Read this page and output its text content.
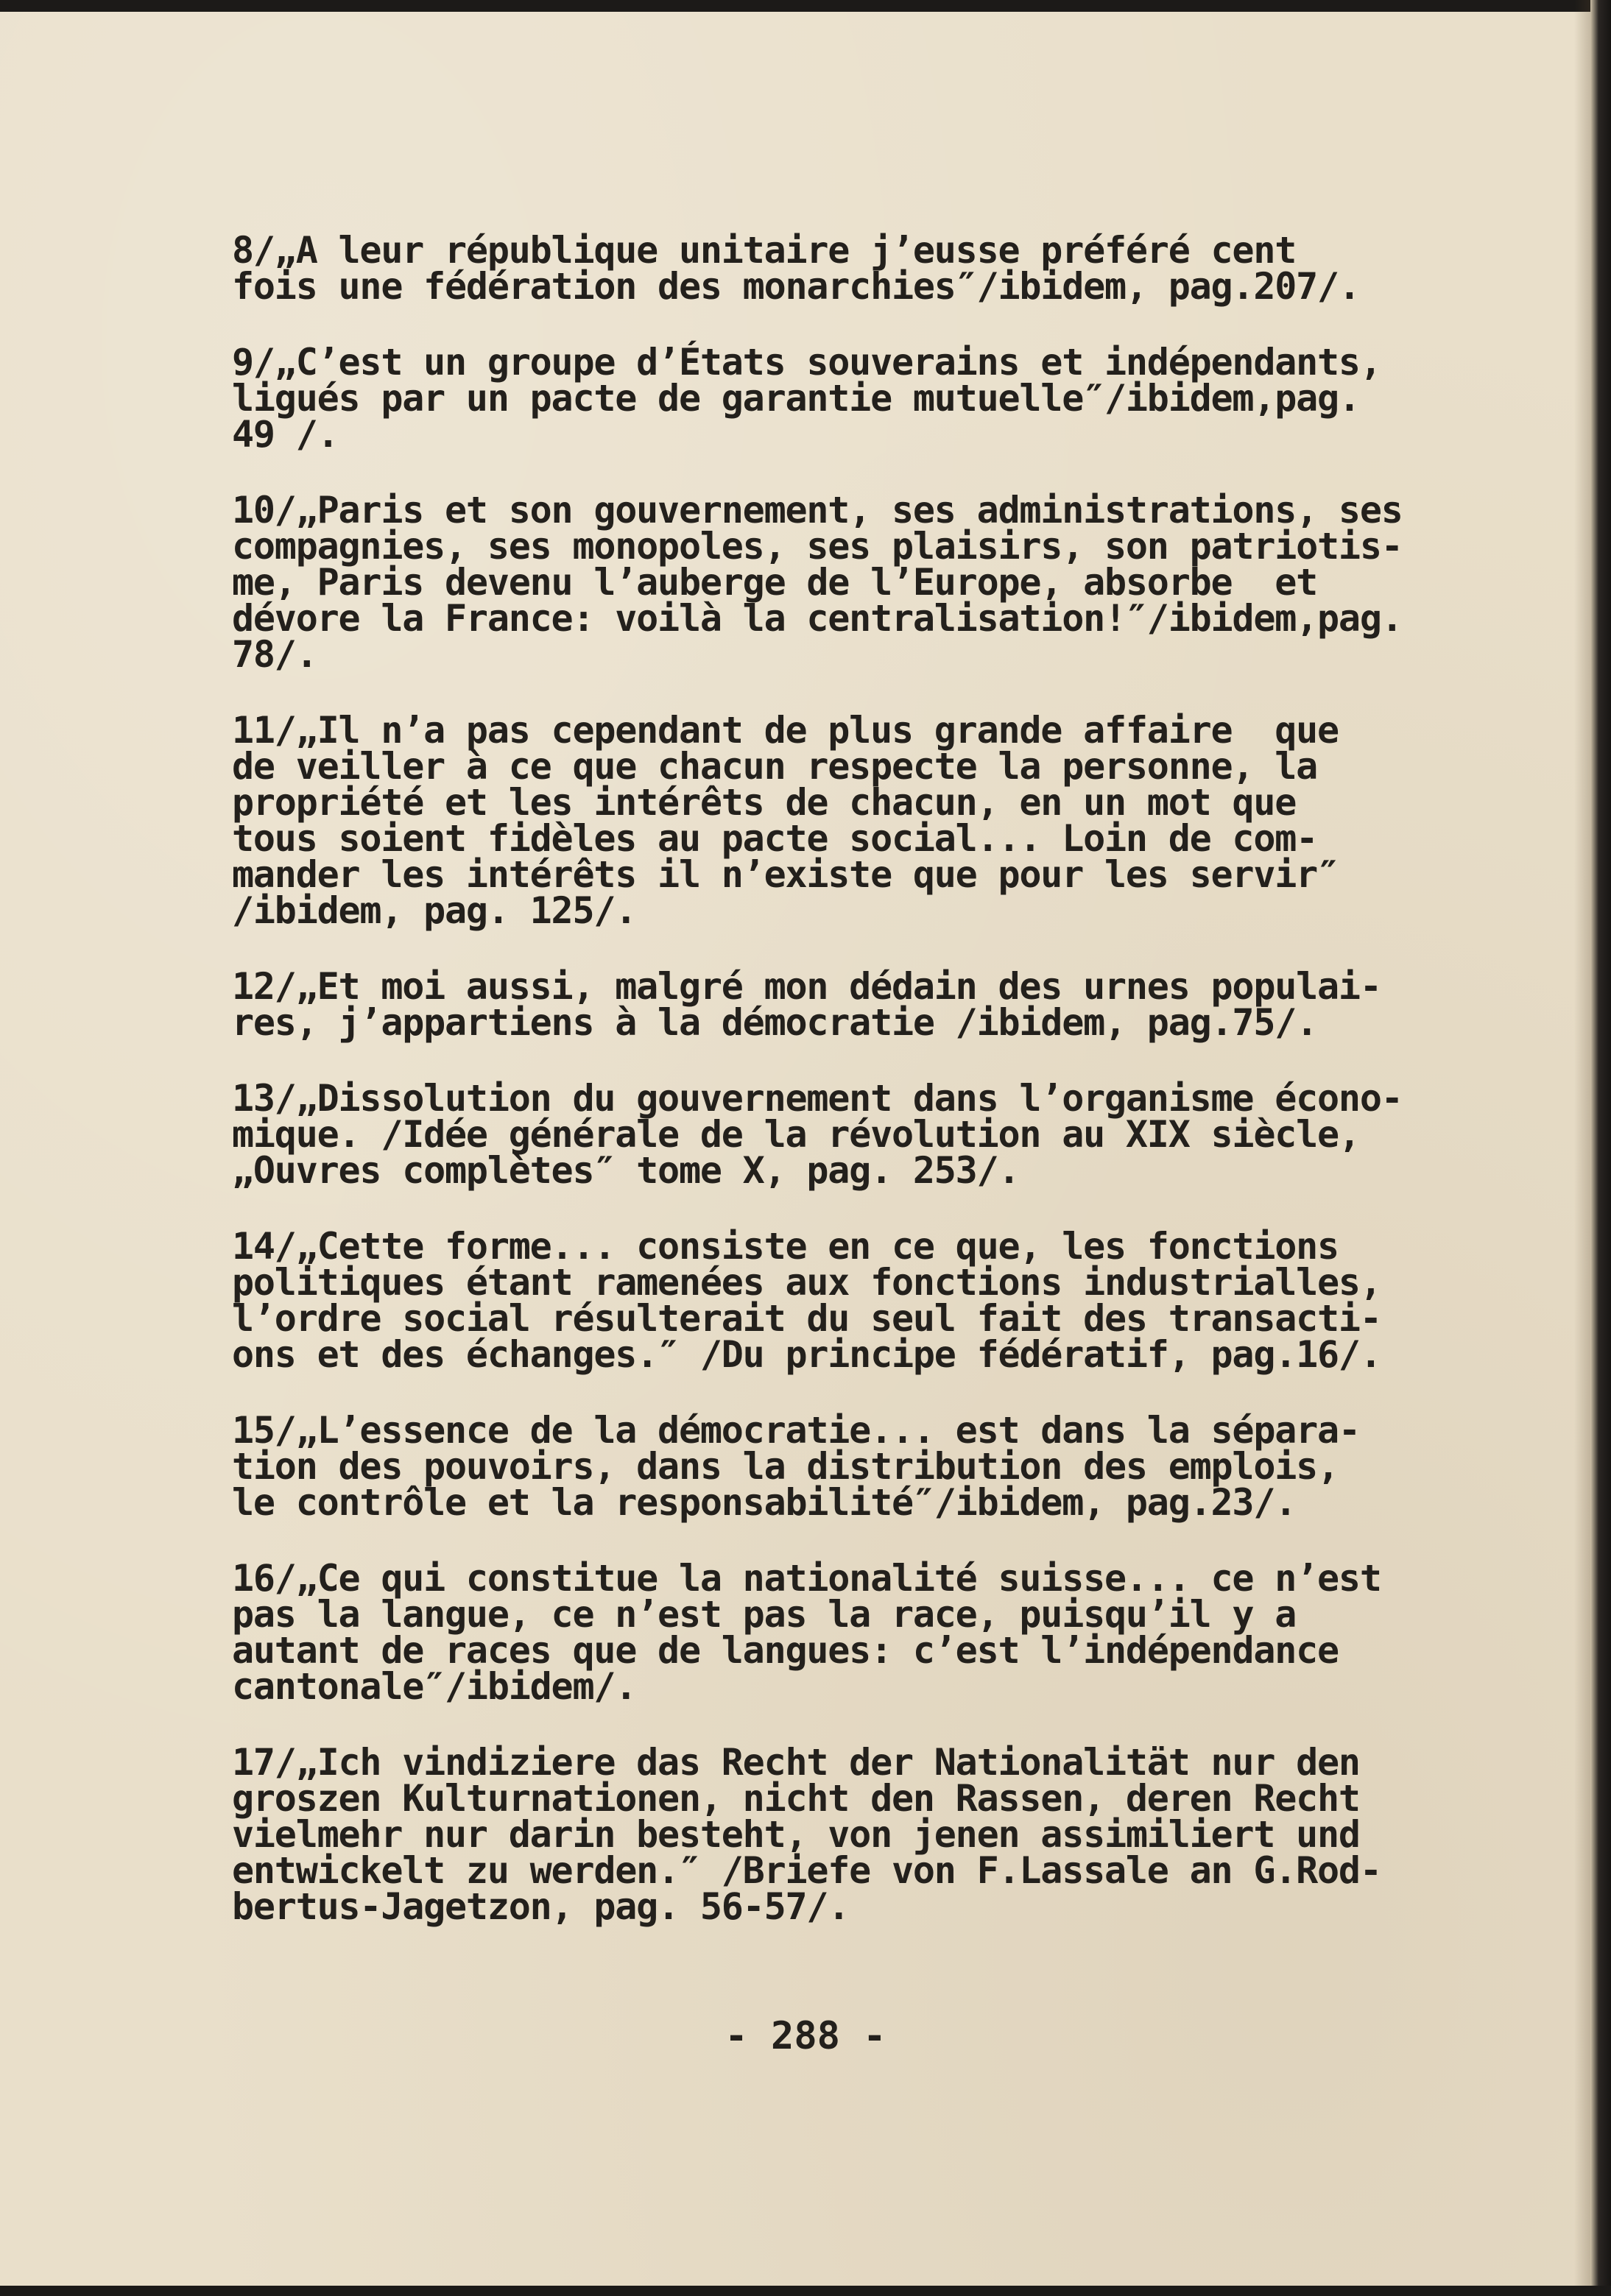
8/„A leur république unitaire j’eusse préféré cent
fois une fédération des monarchies″/ibidem, pag.207/.
9/„C’est un groupe d’États souverains et indépendants,
ligués par un pacte de garantie mutuelle″/ibidem,pag.
49 /.
10/„Paris et son gouvernement, ses administrations, ses
compagnies, ses monopoles, ses plaisirs, son patriotis-
me, Paris devenu l’auberge de l’Europe, absorbe  et
dévore la France: voilà la centralisation!″/ibidem,pag.
78/.
11/„Il n’a pas cependant de plus grande affaire  que
de veiller à ce que chacun respecte la personne, la
propriété et les intérêts de chacun, en un mot que
tous soient fidèles au pacte social... Loin de com-
mander les intérêts il n’existe que pour les servir″
/ibidem, pag. 125/.
12/„Et moi aussi, malgré mon dédain des urnes populai-
res, j’appartiens à la démocratie /ibidem, pag.75/.
13/„Dissolution du gouvernement dans l’organisme écono-
mique. /Idée générale de la révolution au XIX siècle,
„Ouvres complètes″ tome X, pag. 253/.
14/„Cette forme... consiste en ce que, les fonctions
politiques étant ramenées aux fonctions industrialles,
l’ordre social résulterait du seul fait des transacti-
ons et des échanges.″ /Du principe fédératif, pag.16/.
15/„L’essence de la démocratie... est dans la sépara-
tion des pouvoirs, dans la distribution des emplois,
le contrôle et la responsabilité″/ibidem, pag.23/.
16/„Ce qui constitue la nationalité suisse... ce n’est
pas la langue, ce n’est pas la race, puisqu’il y a
autant de races que de langues: c’est l’indépendance
cantonale″/ibidem/.
17/„Ich vindiziere das Recht der Nationalität nur den
groszen Kulturnationen, nicht den Rassen, deren Recht
vielmehr nur darin besteht, von jenen assimiliert und
entwickelt zu werden.″ /Briefe von F.Lassale an G.Rod-
bertus-Jagetzon, pag. 56-57/.
- 288 -
